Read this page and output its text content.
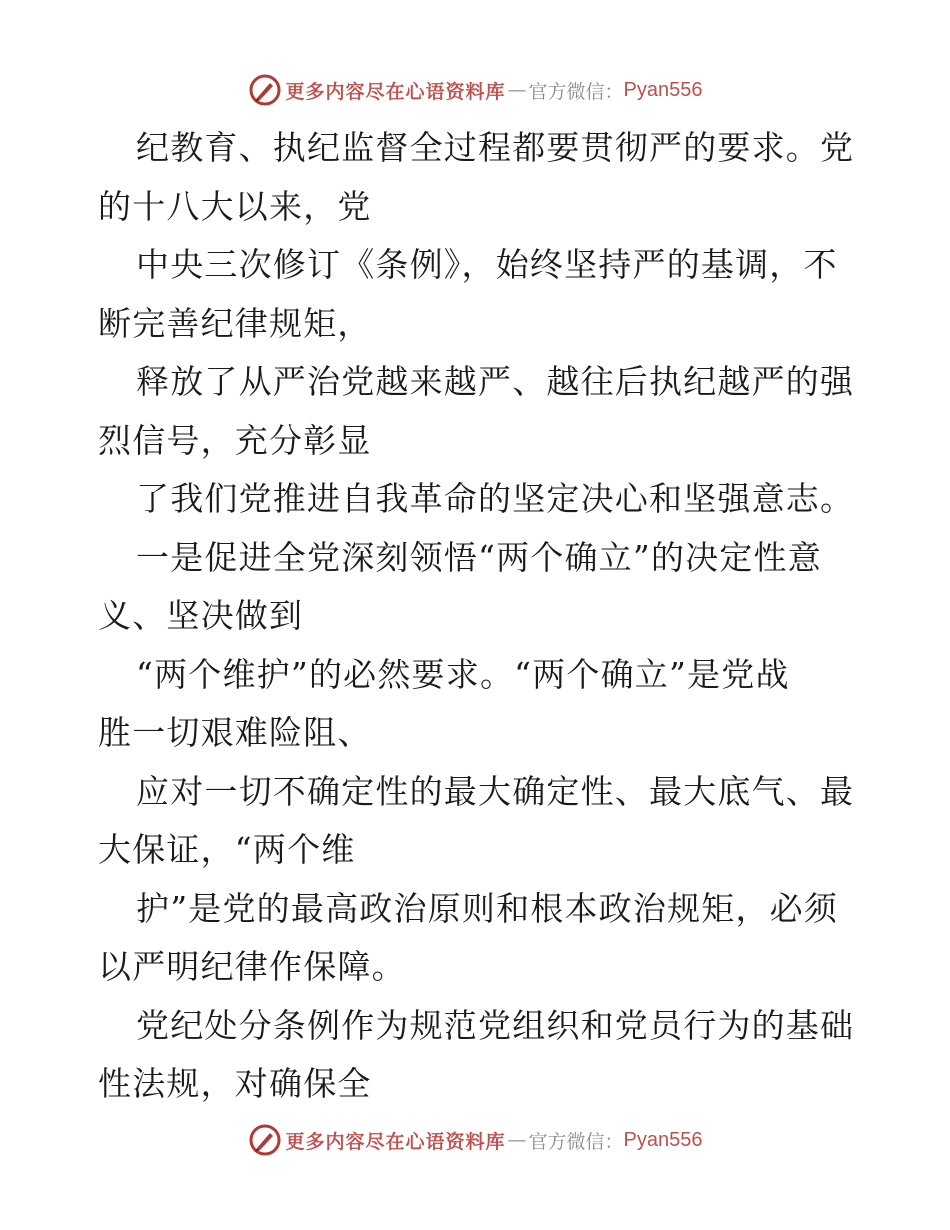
更多内容尽在心语资料库 — 官方微信： Pyan556
纪教育、执纪监督全过程都要贯彻严的要求。党
的十八大以来，党
中央三次修订《条例》，始终坚持严的基调，不
断完善纪律规矩，
释放了从严治党越来越严、越往后执纪越严的强
烈信号，充分彰显
了我们党推进自我革命的坚定决心和坚强意志。
一是促进全党深刻领悟“两个确立”的决定性意
义、坚决做到
“两个维护”的必然要求。“两个确立”是党战
胜一切艰难险阻、
应对一切不确定性的最大确定性、最大底气、最
大保证，“两个维
护”是党的最高政治原则和根本政治规矩，必须
以严明纪律作保障。
党纪处分条例作为规范党组织和党员行为的基础
性法规，对确保全
更多内容尽在心语资料库 — 官方微信： Pyan556
